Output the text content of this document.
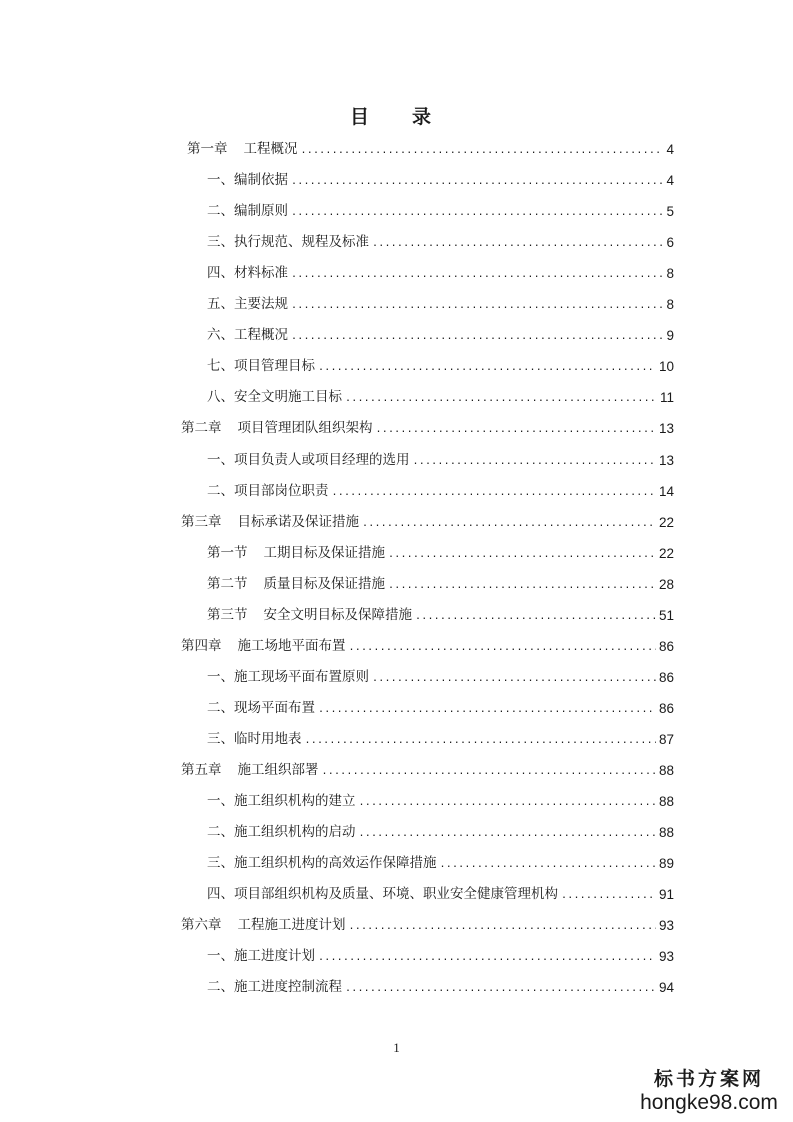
目　录
第一章 工程概况 .....	4
一、编制依据 .....	4
二、编制原则 .....	5
三、执行规范、规程及标准 .....	6
四、材料标准 .....	8
五、主要法规 .....	8
六、工程概况 .....	9
七、项目管理目标 .....	10
八、安全文明施工目标 .....	11
第二章 项目管理团队组织架构 .....	13
一、项目负责人或项目经理的选用 .....	13
二、项目部岗位职责 .....	14
第三章 目标承诺及保证措施 .....	22
第一节 工期目标及保证措施 .....	22
第二节 质量目标及保证措施 .....	28
第三节 安全文明目标及保障措施 .....	51
第四章 施工场地平面布置 .....	86
一、施工现场平面布置原则 .....	86
二、现场平面布置 .....	86
三、临时用地表 .....	87
第五章 施工组织部署 .....	88
一、施工组织机构的建立 .....	88
二、施工组织机构的启动 .....	88
三、施工组织机构的高效运作保障措施 .....	89
四、项目部组织机构及质量、环境、职业安全健康管理机构 .....	91
第六章 工程施工进度计划 .....	93
一、施工进度计划 .....	93
二、施工进度控制流程 .....	94
1
标书方案网
hongke98.com
